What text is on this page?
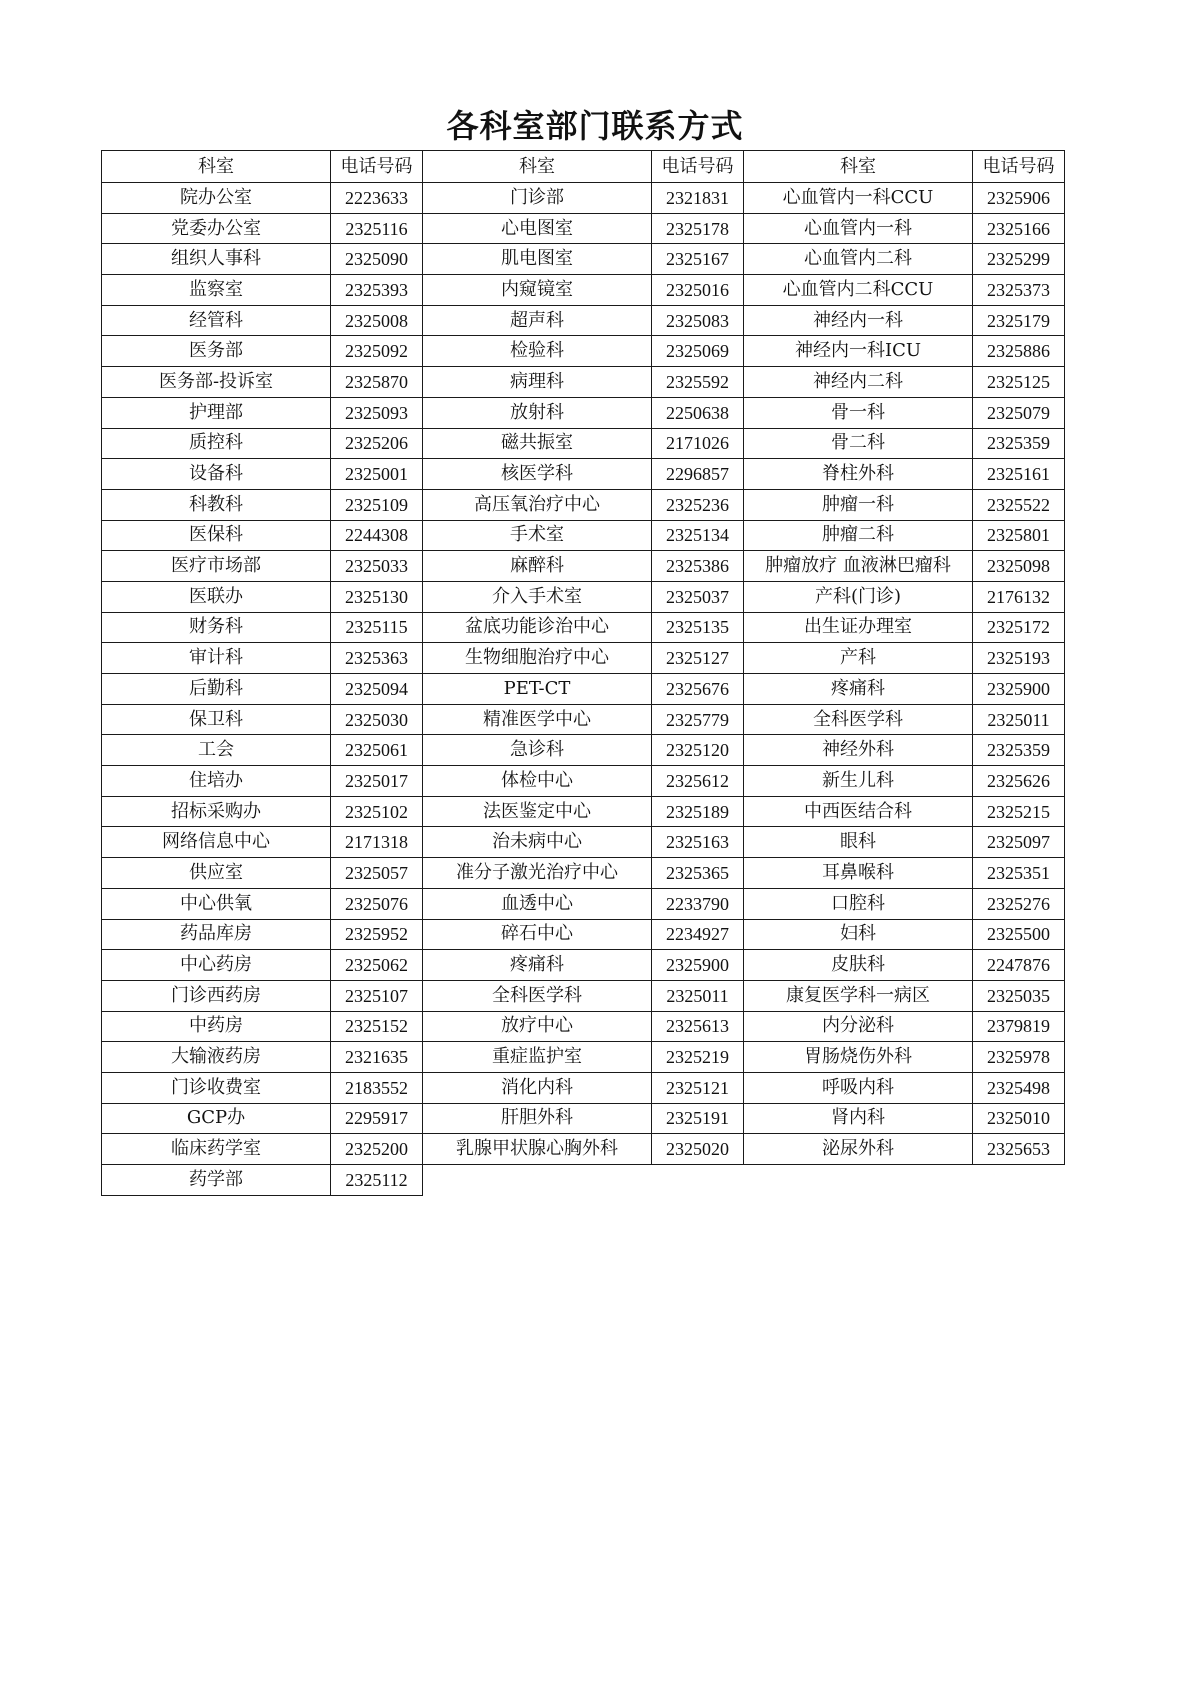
各科室部门联系方式
科室	电话号码	科室	电话号码	科室	电话号码
院办公室	2223633	门诊部	2321831	心血管内一科CCU	2325906
党委办公室	2325116	心电图室	2325178	心血管内一科	2325166
组织人事科	2325090	肌电图室	2325167	心血管内二科	2325299
监察室	2325393	内窥镜室	2325016	心血管内二科CCU	2325373
经管科	2325008	超声科	2325083	神经内一科	2325179
医务部	2325092	检验科	2325069	神经内一科ICU	2325886
医务部-投诉室	2325870	病理科	2325592	神经内二科	2325125
护理部	2325093	放射科	2250638	骨一科	2325079
质控科	2325206	磁共振室	2171026	骨二科	2325359
设备科	2325001	核医学科	2296857	脊柱外科	2325161
科教科	2325109	高压氧治疗中心	2325236	肿瘤一科	2325522
医保科	2244308	手术室	2325134	肿瘤二科	2325801
医疗市场部	2325033	麻醉科	2325386	肿瘤放疗 血液淋巴瘤科	2325098
医联办	2325130	介入手术室	2325037	产科(门诊)	2176132
财务科	2325115	盆底功能诊治中心	2325135	出生证办理室	2325172
审计科	2325363	生物细胞治疗中心	2325127	产科	2325193
后勤科	2325094	PET-CT	2325676	疼痛科	2325900
保卫科	2325030	精准医学中心	2325779	全科医学科	2325011
工会	2325061	急诊科	2325120	神经外科	2325359
住培办	2325017	体检中心	2325612	新生儿科	2325626
招标采购办	2325102	法医鉴定中心	2325189	中西医结合科	2325215
网络信息中心	2171318	治未病中心	2325163	眼科	2325097
供应室	2325057	准分子激光治疗中心	2325365	耳鼻喉科	2325351
中心供氧	2325076	血透中心	2233790	口腔科	2325276
药品库房	2325952	碎石中心	2234927	妇科	2325500
中心药房	2325062	疼痛科	2325900	皮肤科	2247876
门诊西药房	2325107	全科医学科	2325011	康复医学科一病区	2325035
中药房	2325152	放疗中心	2325613	内分泌科	2379819
大输液药房	2321635	重症监护室	2325219	胃肠烧伤外科	2325978
门诊收费室	2183552	消化内科	2325121	呼吸内科	2325498
GCP办	2295917	肝胆外科	2325191	肾内科	2325010
临床药学室	2325200	乳腺甲状腺心胸外科	2325020	泌尿外科	2325653
药学部	2325112				
